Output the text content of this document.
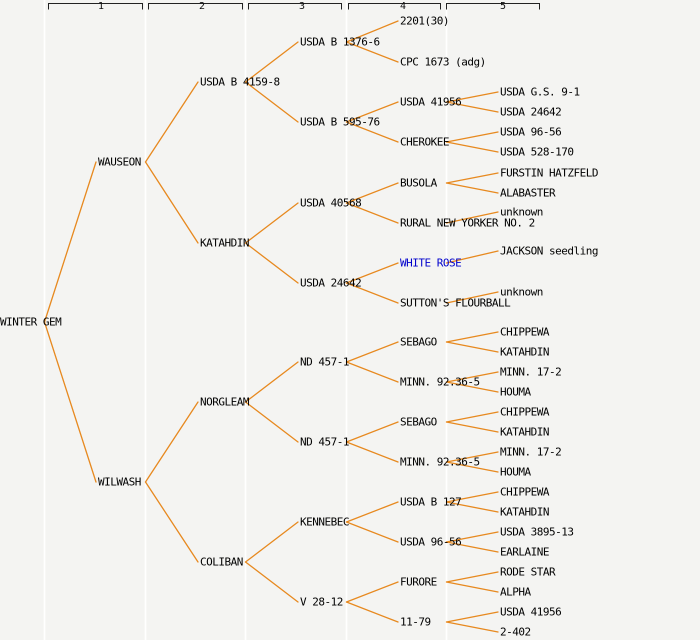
1	2	3	4	5
WINTER GEM
WAUSEON
WILWASH
USDA B 4159-8
KATAHDIN
NORGLEAM
COLIBAN
USDA B 1376-6
USDA B 595-76
USDA 40568
USDA 24642
ND 457-1
ND 457-1
KENNEBEC
V 28-12
2201(30)
CPC 1673 (adg)
USDA 41956
CHEROKEE
BUSOLA
RURAL NEW YORKER NO. 2
WHITE ROSE
SUTTON'S FLOURBALL
SEBAGO
MINN. 92.36-5
SEBAGO
MINN. 92.36-5
USDA B 127
USDA 96-56
FURORE
11-79
USDA G.S. 9-1
USDA 24642
USDA 96-56
USDA 528-170
FURSTIN HATZFELD
ALABASTER
unknown
JACKSON seedling
unknown
CHIPPEWA
KATAHDIN
MINN. 17-2
HOUMA
CHIPPEWA
KATAHDIN
MINN. 17-2
HOUMA
CHIPPEWA
KATAHDIN
USDA 3895-13
EARLAINE
RODE STAR
ALPHA
USDA 41956
2-402
